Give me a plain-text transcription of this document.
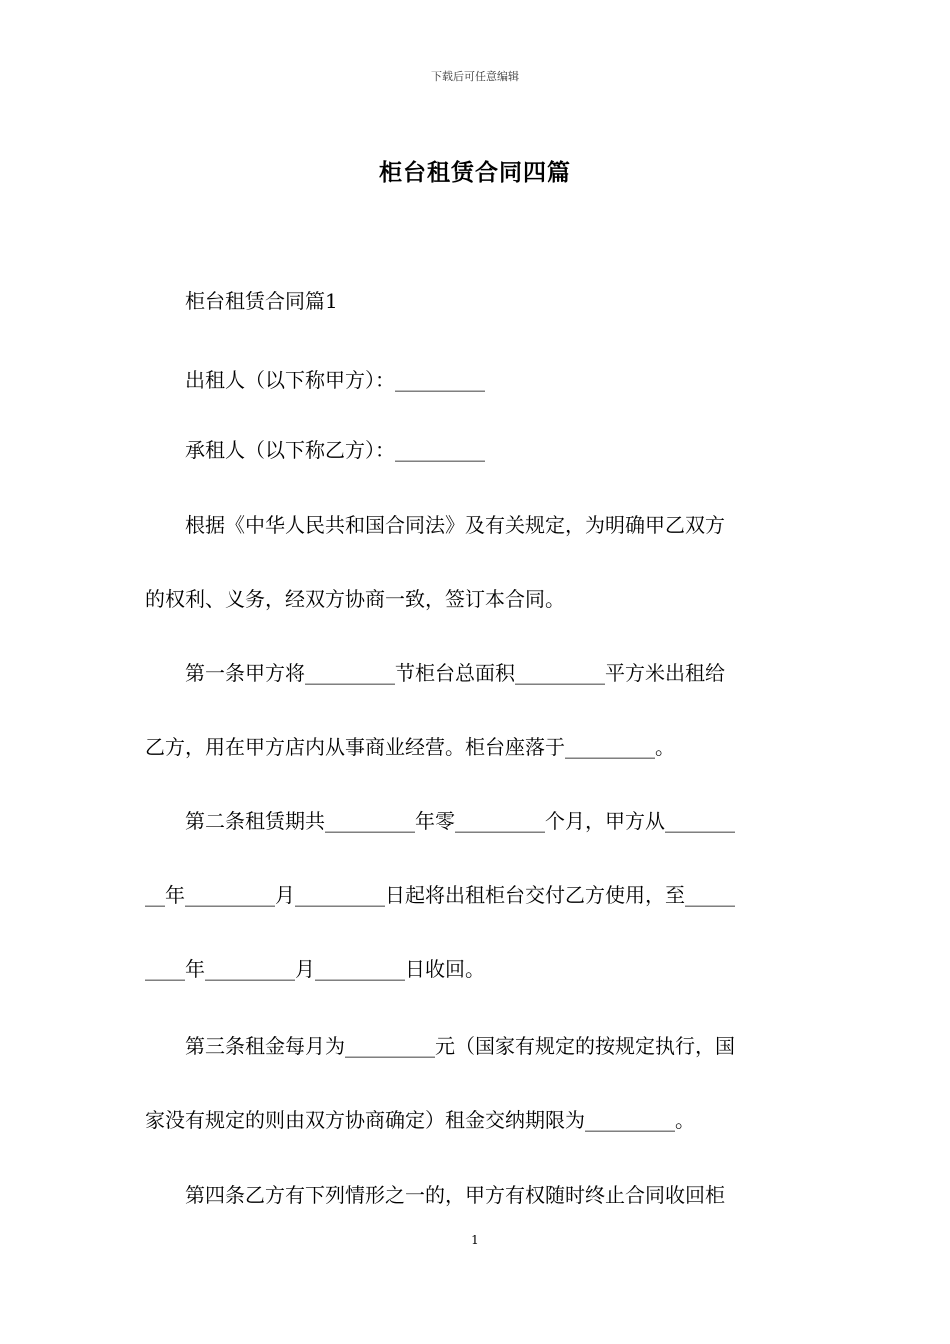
下载后可任意编辑
柜台租赁合同四篇
　　柜台租赁合同篇1
　　出租人（以下称甲方）：_________
　　承租人（以下称乙方）：_________
　　根据《中华人民共和国合同法》及有关规定，为明确甲乙双方
的权利、义务，经双方协商一致，签订本合同。
　　第一条甲方将_________节柜台总面积_________平方米出租给
乙方，用在甲方店内从事商业经营。柜台座落于_________。
　　第二条租赁期共_________年零_________个月，甲方从_______
__年_________月_________日起将出租柜台交付乙方使用，至_____
____年_________月_________日收回。
　　第三条租金每月为_________元（国家有规定的按规定执行，国
家没有规定的则由双方协商确定）租金交纳期限为_________。
　　第四条乙方有下列情形之一的，甲方有权随时终止合同收回柜
1
